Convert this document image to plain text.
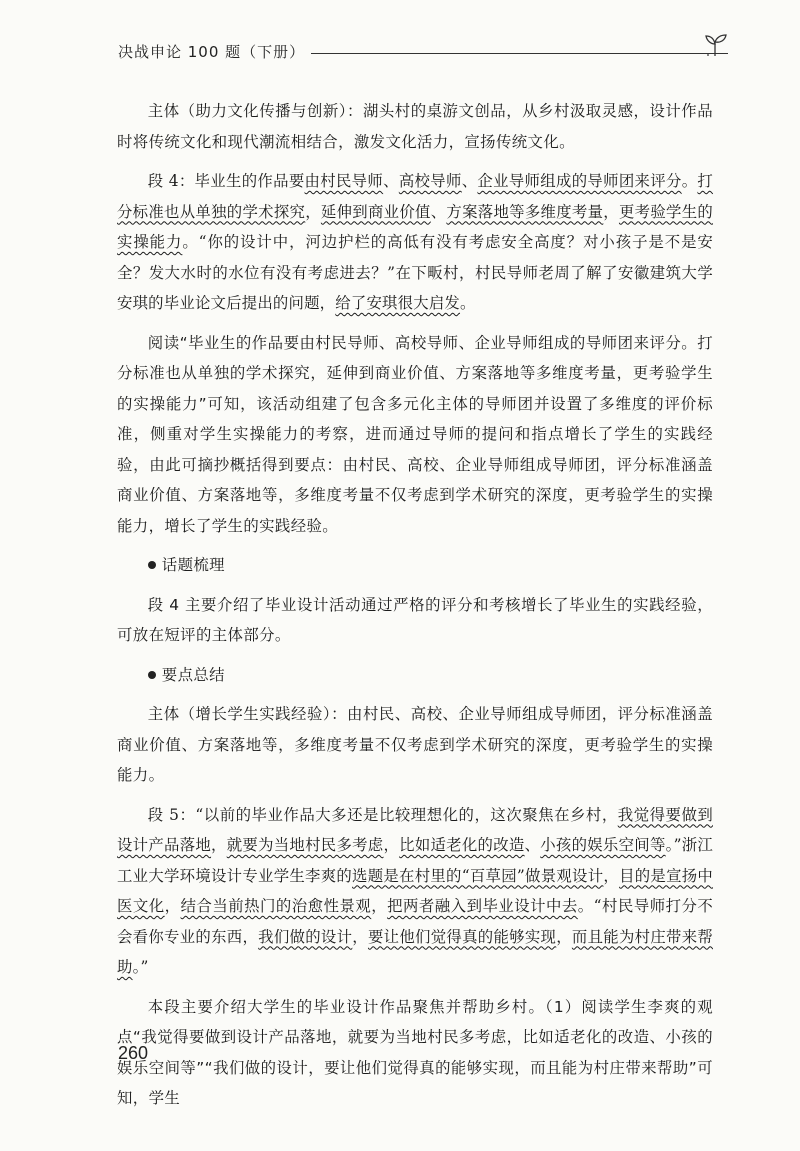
决战申论 100 题（下册）

主体（助力文化传播与创新）：湖头村的桌游文创品，从乡村汲取灵感，设计作品时将传统文化和现代潮流相结合，激发文化活力，宣扬传统文化。

段 4：毕业生的作品要由村民导师、高校导师、企业导师组成的导师团来评分。打分标准也从单独的学术探究，延伸到商业价值、方案落地等多维度考量，更考验学生的实操能力。“你的设计中，河边护栏的高低有没有考虑安全高度？对小孩子是不是安全？发大水时的水位有没有考虑进去？”在下畈村，村民导师老周了解了安徽建筑大学安琪的毕业论文后提出的问题，给了安琪很大启发。

阅读“毕业生的作品要由村民导师、高校导师、企业导师组成的导师团来评分。打分标准也从单独的学术探究，延伸到商业价值、方案落地等多维度考量，更考验学生的实操能力”可知，该活动组建了包含多元化主体的导师团并设置了多维度的评价标准，侧重对学生实操能力的考察，进而通过导师的提问和指点增长了学生的实践经验，由此可摘抄概括得到要点：由村民、高校、企业导师组成导师团，评分标准涵盖商业价值、方案落地等，多维度考量不仅考虑到学术研究的深度，更考验学生的实操能力，增长了学生的实践经验。

话题梳理

段 4 主要介绍了毕业设计活动通过严格的评分和考核增长了毕业生的实践经验，可放在短评的主体部分。

要点总结

主体（增长学生实践经验）：由村民、高校、企业导师组成导师团，评分标准涵盖商业价值、方案落地等，多维度考量不仅考虑到学术研究的深度，更考验学生的实操能力。

段 5：“以前的毕业作品大多还是比较理想化的，这次聚焦在乡村，我觉得要做到设计产品落地，就要为当地村民多考虑，比如适老化的改造、小孩的娱乐空间等。”浙江工业大学环境设计专业学生李爽的选题是在村里的“百草园”做景观设计，目的是宣扬中医文化，结合当前热门的治愈性景观，把两者融入到毕业设计中去。“村民导师打分不会看你专业的东西，我们做的设计，要让他们觉得真的能够实现，而且能为村庄带来帮助。”

本段主要介绍大学生的毕业设计作品聚焦并帮助乡村。（1）阅读学生李爽的观点“我觉得要做到设计产品落地，就要为当地村民多考虑，比如适老化的改造、小孩的娱乐空间等”“我们做的设计，要让他们觉得真的能够实现，而且能为村庄带来帮助”可知，学生

260
